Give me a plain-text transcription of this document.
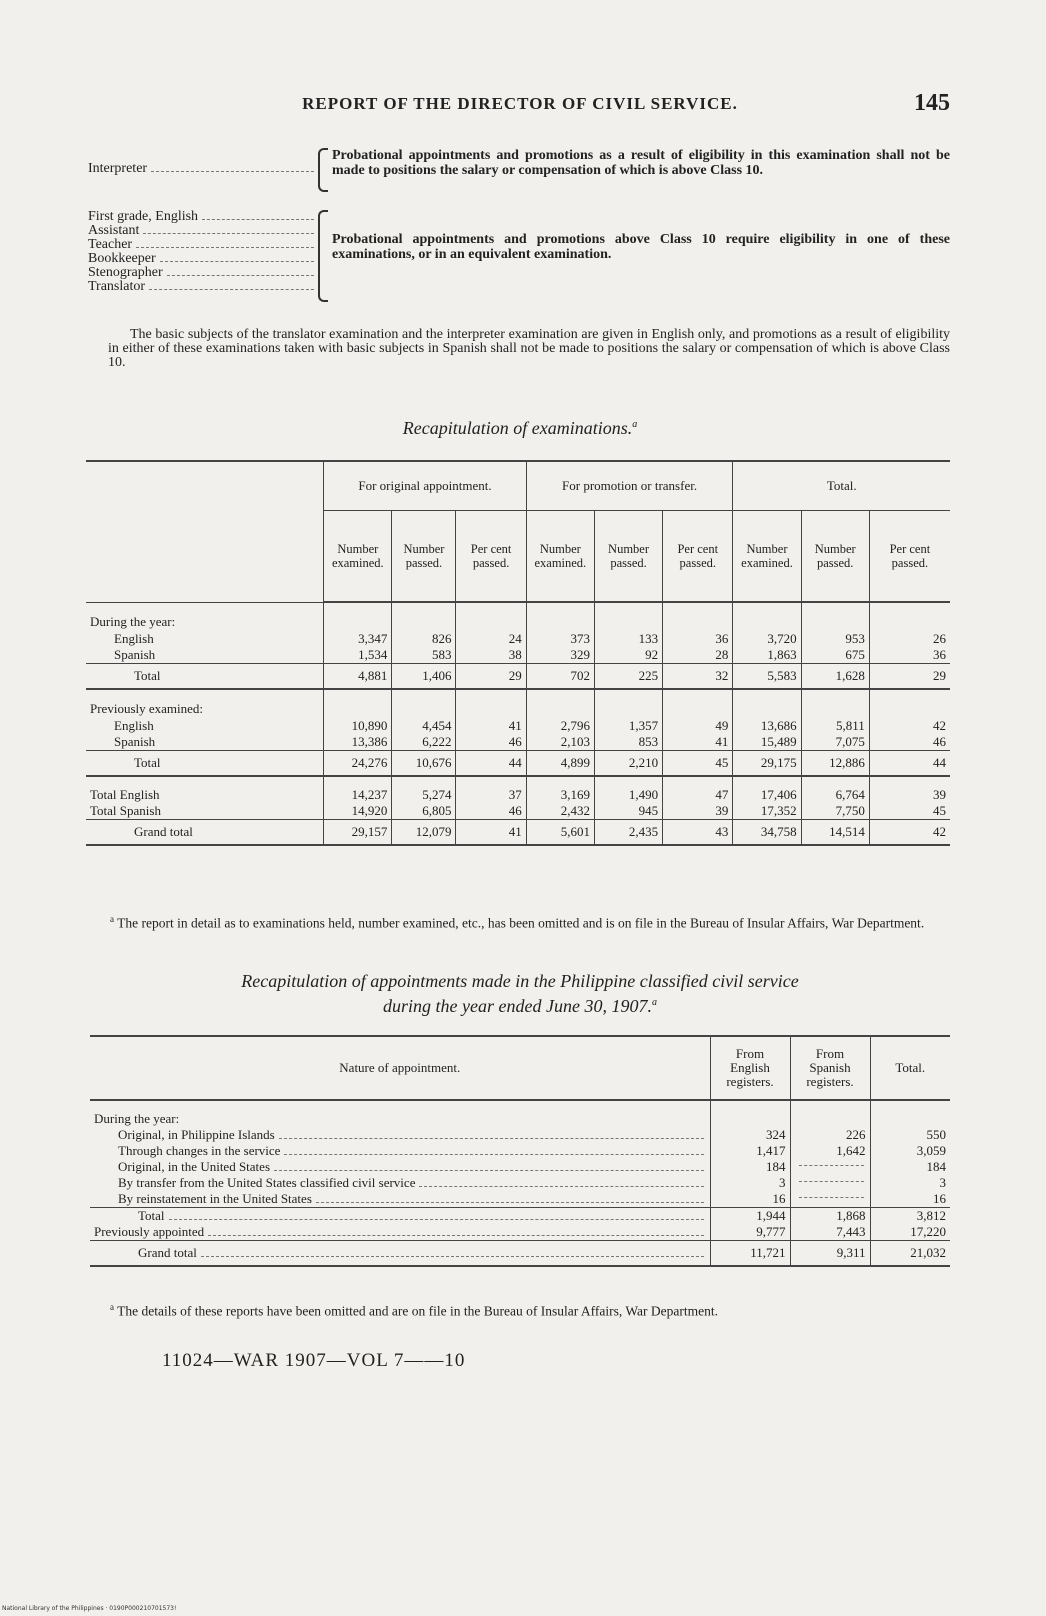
REPORT OF THE DIRECTOR OF CIVIL SERVICE.	145
Interpreter
Probational appointments and promotions as a result of eligibility in this examination shall not be made to positions the salary or compensation of which is above Class 10.
First grade, English
Assistant
Teacher
Bookkeeper
Stenographer
Translator
Probational appointments and promotions above Class 10 require eligibility in one of these examinations, or in an equivalent examination.
The basic subjects of the translator examination and the interpreter examination are given in English only, and promotions as a result of eligibility in either of these examinations taken with basic subjects in Spanish shall not be made to positions the salary or compensation of which is above Class 10.
Recapitulation of examinations.$^a$
	For original appointment.			For promotion or transfer.			Total.		
	Number examined.	Number passed.	Per cent passed.	Number examined.	Number passed.	Per cent passed.	Number examined.	Number passed.	Per cent passed.

During the year:									
English	3,347	826	24	373	133	36	3,720	953	26
Spanish	1,534	583	38	329	92	28	1,863	675	36
Total	4,881	1,406	29	702	225	32	5,583	1,628	29

Previously examined:									
English	10,890	4,454	41	2,796	1,357	49	13,686	5,811	42
Spanish	13,386	6,222	46	2,103	853	41	15,489	7,075	46
Total	24,276	10,676	44	4,899	2,210	45	29,175	12,886	44

Total English	14,237	5,274	37	3,169	1,490	47	17,406	6,764	39
Total Spanish	14,920	6,805	46	2,432	945	39	17,352	7,750	45
Grand total	29,157	12,079	41	5,601	2,435	43	34,758	14,514	42
$^a$ The report in detail as to examinations held, number examined, etc., has been omitted and is on file in the Bureau of Insular Affairs, War Department.
Recapitulation of appointments made in the Philippine classified civil service
during the year ended June 30, 1907.$^a$
Nature of appointment.	From English registers.	From Spanish registers.	Total.

During the year:			

Original, in Philippine Islands	324	226	550

Through changes in the service	1,417	1,642	3,059

Original, in the United States	184		184

By transfer from the United States classified civil service	3		3

By reinstatement in the United States	16		16

Total	1,944	1,868	3,812

Previously appointed	9,777	7,443	17,220

Grand total	11,721	9,311	21,032
$^a$ The details of these reports have been omitted and are on file in the Bureau of Insular Affairs, War Department.
11024—WAR 1907—VOL 7——10
National Library of the Philippines · 0190P000210701573!
